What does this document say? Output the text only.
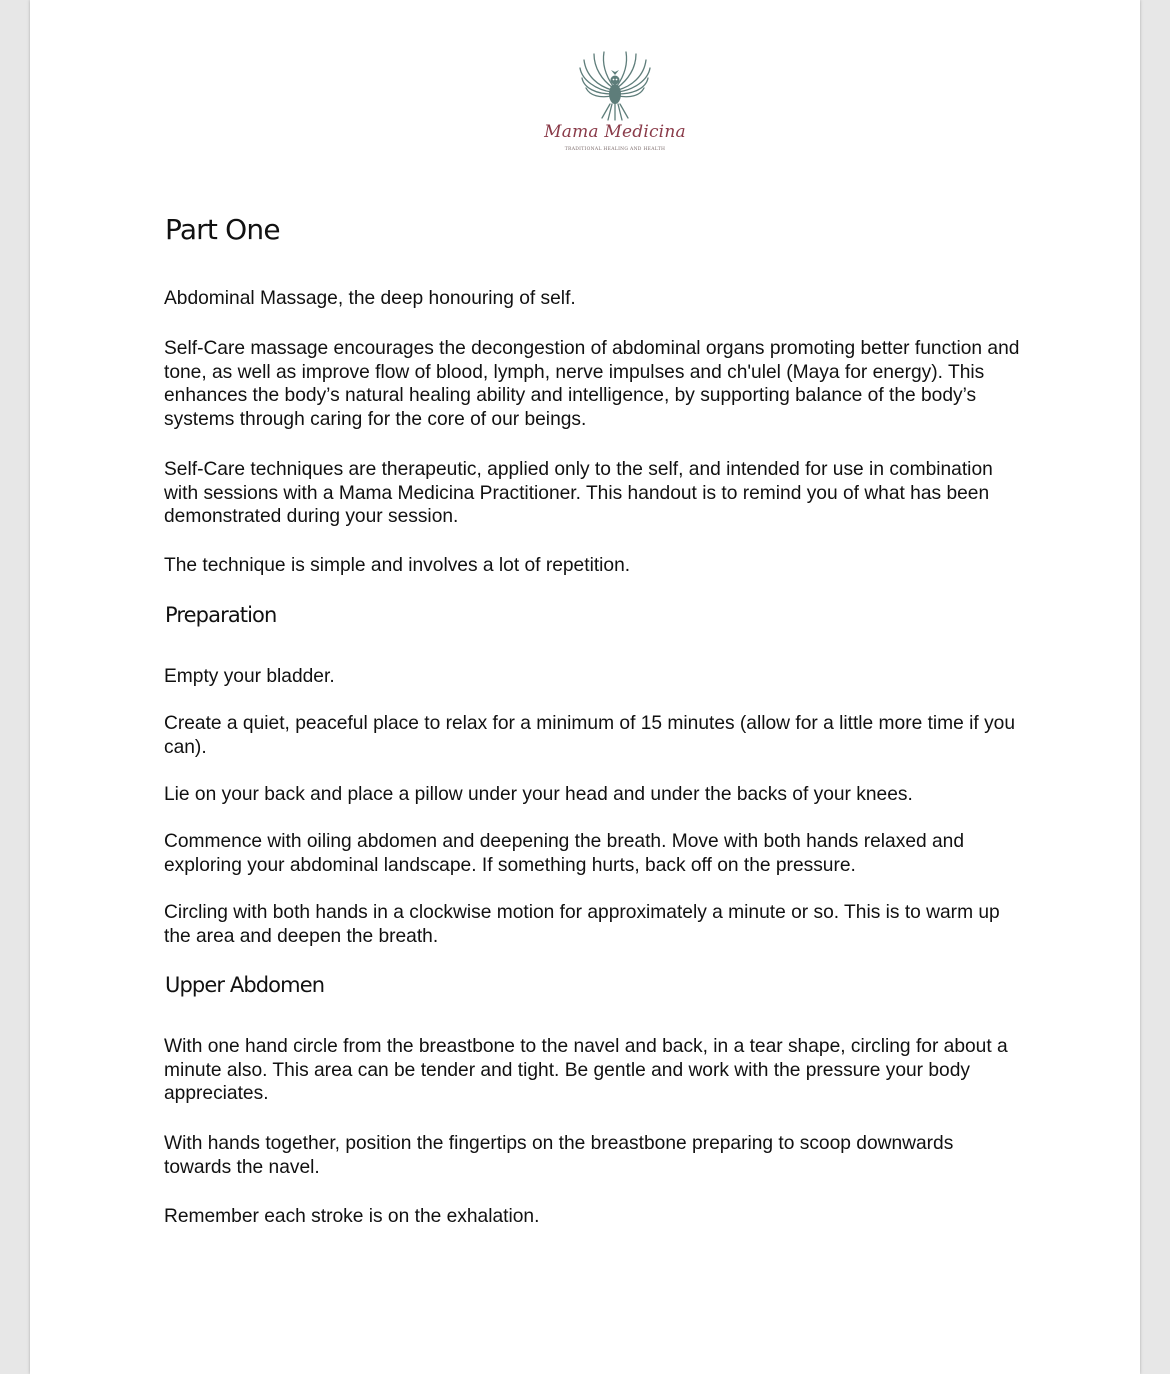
Mama Medicina
TRADITIONAL HEALING AND HEALTH
Part One

Abdominal Massage, the deep honouring of self.

Self-Care massage encourages the decongestion of abdominal organs promoting better function and tone, as well as improve flow of blood, lymph, nerve impulses and ch'ulel (Maya for energy). This enhances the body’s natural healing ability and intelligence, by supporting balance of the body’s systems through caring for the core of our beings.

Self-Care techniques are therapeutic, applied only to the self, and intended for use in combination with sessions with a Mama Medicina Practitioner. This handout is to remind you of what has been demonstrated during your session.

The technique is simple and involves a lot of repetition.

Preparation

Empty your bladder.

Create a quiet, peaceful place to relax for a minimum of 15 minutes (allow for a little more time if you can).

Lie on your back and place a pillow under your head and under the backs of your knees.

Commence with oiling abdomen and deepening the breath. Move with both hands relaxed and exploring your abdominal landscape. If something hurts, back off on the pressure.

Circling with both hands in a clockwise motion for approximately a minute or so. This is to warm up the area and deepen the breath.

Upper Abdomen

With one hand circle from the breastbone to the navel and back, in a tear shape, circling for about a minute also. This area can be tender and tight. Be gentle and work with the pressure your body appreciates.

With hands together, position the fingertips on the breastbone preparing to scoop downwards towards the navel.

Remember each stroke is on the exhalation.
